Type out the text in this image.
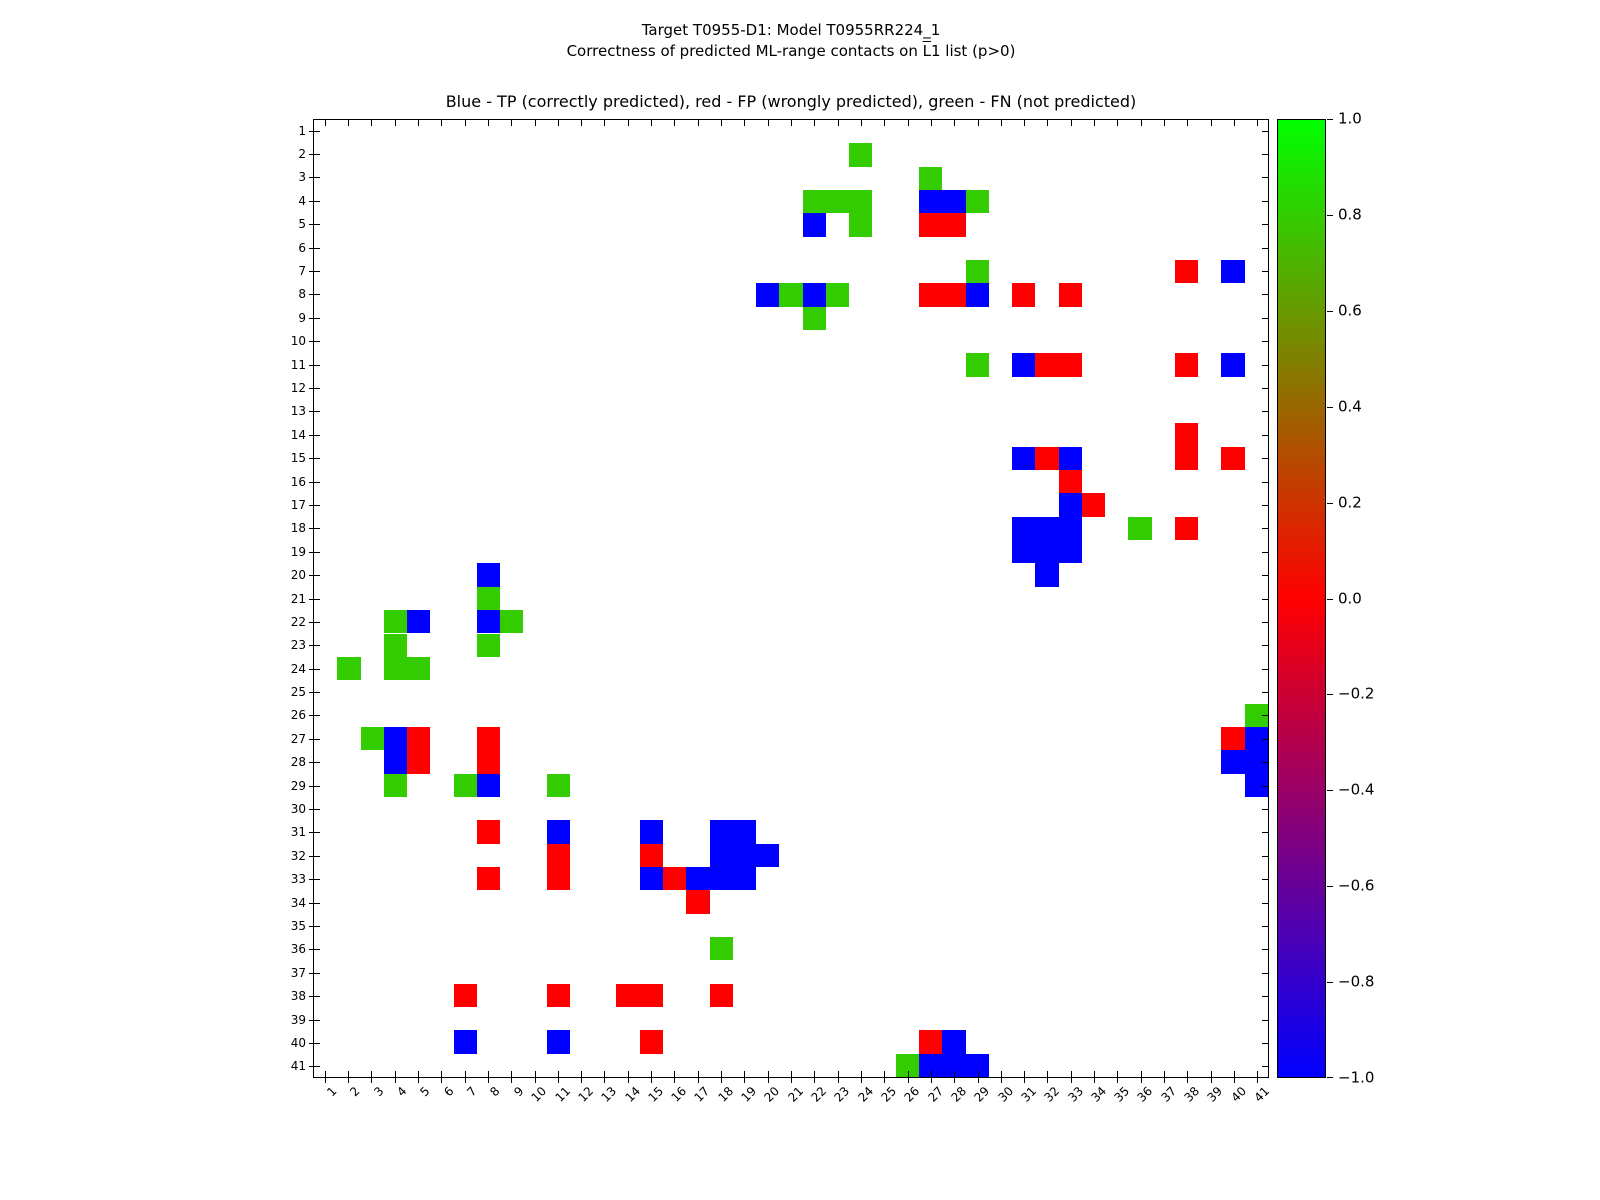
Target T0955-D1: Model T0955RR224_1
Correctness of predicted ML-range contacts on $\overline{L}1$ list (p>0)
Blue - TP (correctly predicted), red - FP (wrongly predicted), green - FN (not predicted)
1
1
2
2
3
3
4
4
5
5
6
6
7
7
8
8
9
9
10
10
11
11
12
12
13
13
14
14
15
15
16
16
17
17
18
18
19
19
20
20
21
21
22
22
23
23
24
24
25
25
26
26
27
27
28
28
29
29
30
30
31
31
32
32
33
33
34
34
35
35
36
36
37
37
38
38
39
39
40
40
41
41
1.0
0.8
0.6
0.4
0.2
0.0
−0.2
−0.4
−0.6
−0.8
−1.0
